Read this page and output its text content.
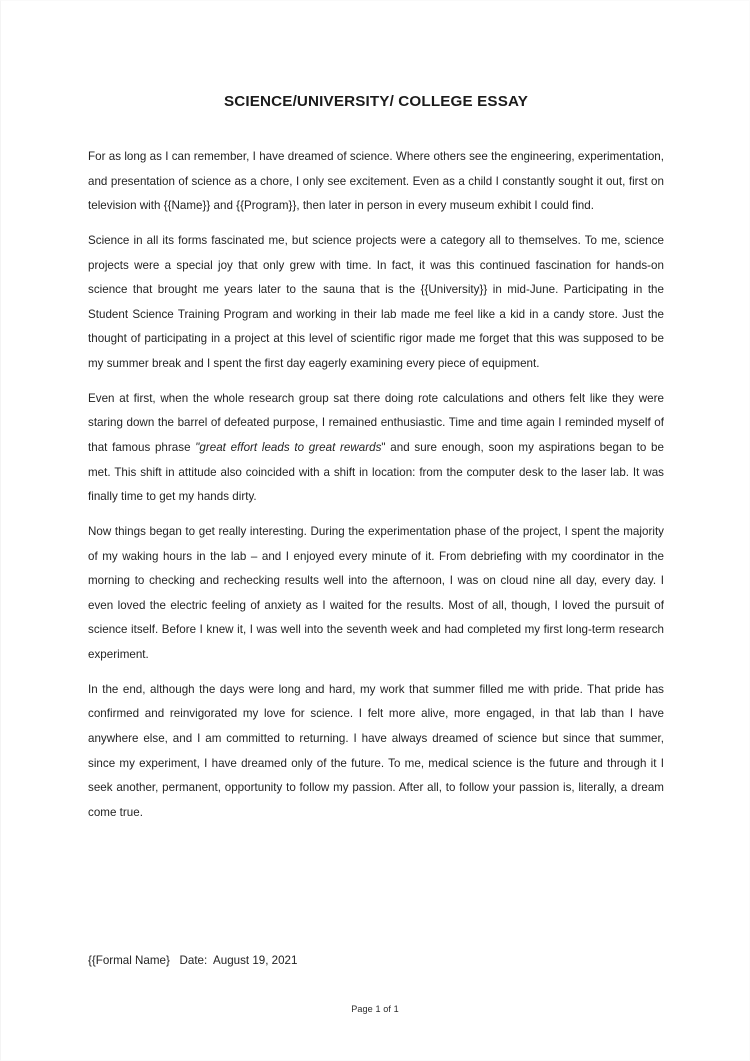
SCIENCE/UNIVERSITY/ COLLEGE ESSAY

For as long as I can remember, I have dreamed of science. Where others see the engineering, experimentation, and presentation of science as a chore, I only see excitement. Even as a child I constantly sought it out, first on television with {{Name}} and {{Program}}, then later in person in every museum exhibit I could find.

Science in all its forms fascinated me, but science projects were a category all to themselves. To me, science projects were a special joy that only grew with time. In fact, it was this continued fascination for hands-on science that brought me years later to the sauna that is the {{University}} in mid-June. Participating in the Student Science Training Program and working in their lab made me feel like a kid in a candy store. Just the thought of participating in a project at this level of scientific rigor made me forget that this was supposed to be my summer break and I spent the first day eagerly examining every piece of equipment.

Even at first, when the whole research group sat there doing rote calculations and others felt like they were staring down the barrel of defeated purpose, I remained enthusiastic. Time and time again I reminded myself of that famous phrase "great effort leads to great rewards" and sure enough, soon my aspirations began to be met. This shift in attitude also coincided with a shift in location: from the computer desk to the laser lab. It was finally time to get my hands dirty.

Now things began to get really interesting. During the experimentation phase of the project, I spent the majority of my waking hours in the lab – and I enjoyed every minute of it. From debriefing with my coordinator in the morning to checking and rechecking results well into the afternoon, I was on cloud nine all day, every day. I even loved the electric feeling of anxiety as I waited for the results. Most of all, though, I loved the pursuit of science itself. Before I knew it, I was well into the seventh week and had completed my first long-term research experiment.

In the end, although the days were long and hard, my work that summer filled me with pride. That pride has confirmed and reinvigorated my love for science. I felt more alive, more engaged, in that lab than I have anywhere else, and I am committed to returning. I have always dreamed of science but since that summer, since my experiment, I have dreamed only of the future. To me, medical science is the future and through it I seek another, permanent, opportunity to follow my passion. After all, to follow your passion is, literally, a dream come true.

{{Formal Name}   Date:  August 19, 2021
Page 1 of 1
